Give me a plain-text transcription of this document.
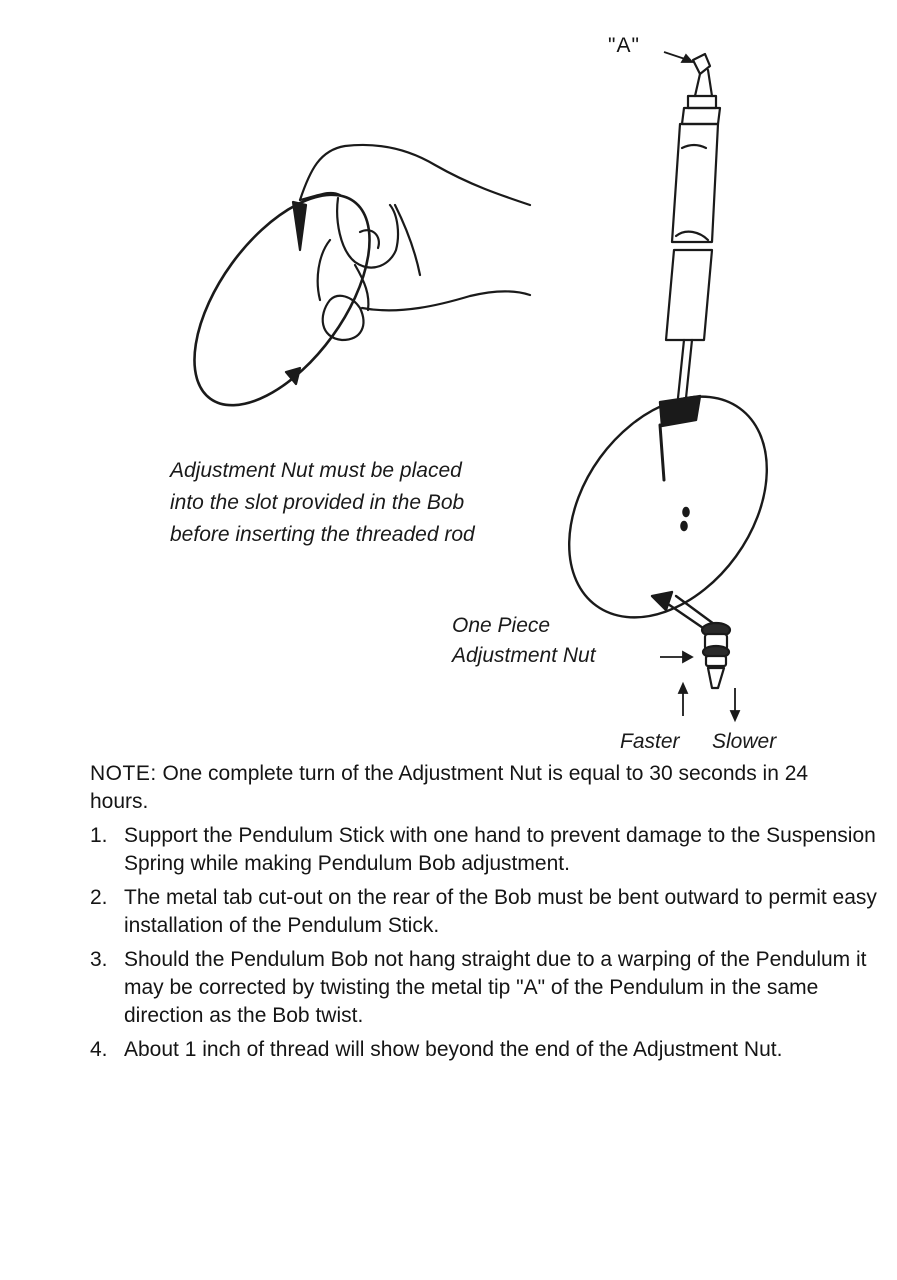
"A"
Adjustment Nut must be placed
into the slot provided in the Bob
before inserting the threaded rod
One Piece
Adjustment Nut
Faster Slower
NOTE: One complete turn of the Adjustment Nut is equal to 30 seconds in 24 hours.
1. Support the Pendulum Stick with one hand to prevent damage to the Suspension Spring while making Pendulum Bob adjustment.
2. The metal tab cut-out on the rear of the Bob must be bent outward to permit easy installation of the Pendulum Stick.
3. Should the Pendulum Bob not hang straight due to a warping of the Pendulum it may be corrected by twisting the metal tip "A" of the Pendulum in the same direction as the Bob twist.
4. About 1 inch of thread will show beyond the end of the Adjustment Nut.
